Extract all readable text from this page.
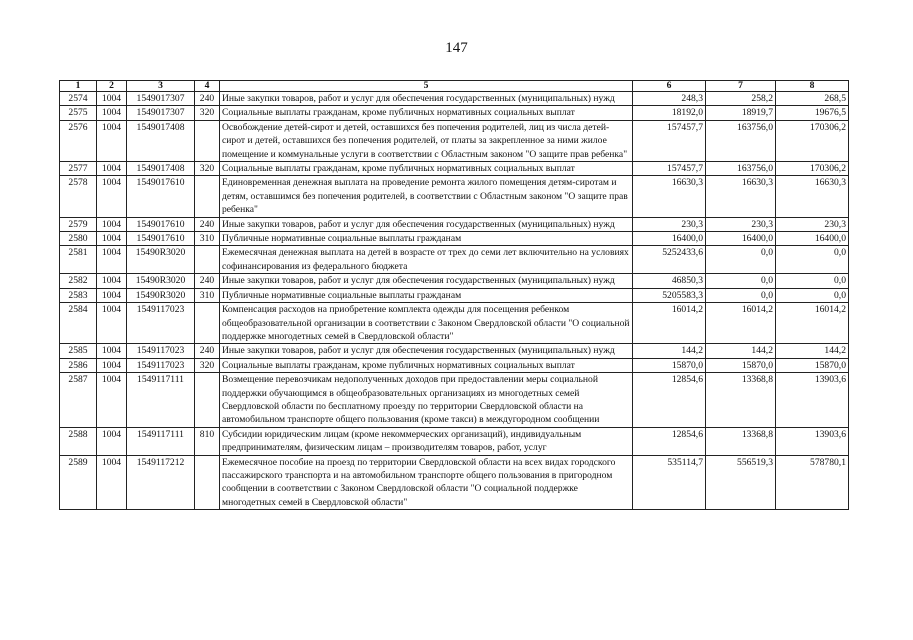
147
1	2	3	4	5	6	7	8
2574	1004	1549017307	240	Иные закупки товаров, работ и услуг для обеспечения государственных (муниципальных) нужд	248,3	258,2	268,5
2575	1004	1549017307	320	Социальные выплаты гражданам, кроме публичных нормативных социальных выплат	18192,0	18919,7	19676,5
2576	1004	1549017408		Освобождение детей-сирот и детей, оставшихся без попечения родителей, лиц из числа детей-сирот и детей, оставшихся без попечения родителей, от платы за закрепленное за ними жилое помещение и коммунальные услуги в соответствии с Областным законом "О защите прав ребенка"	157457,7	163756,0	170306,2
2577	1004	1549017408	320	Социальные выплаты гражданам, кроме публичных нормативных социальных выплат	157457,7	163756,0	170306,2
2578	1004	1549017610		Единовременная денежная выплата на проведение ремонта жилого помещения детям-сиротам и детям, оставшимся без попечения родителей, в соответствии с Областным законом "О защите прав ребенка"	16630,3	16630,3	16630,3
2579	1004	1549017610	240	Иные закупки товаров, работ и услуг для обеспечения государственных (муниципальных) нужд	230,3	230,3	230,3
2580	1004	1549017610	310	Публичные нормативные социальные выплаты гражданам	16400,0	16400,0	16400,0
2581	1004	15490R3020		Ежемесячная денежная выплата на детей в возрасте от трех до семи лет включительно на условиях софинансирования из федерального бюджета	5252433,6	0,0	0,0
2582	1004	15490R3020	240	Иные закупки товаров, работ и услуг для обеспечения государственных (муниципальных) нужд	46850,3	0,0	0,0
2583	1004	15490R3020	310	Публичные нормативные социальные выплаты гражданам	5205583,3	0,0	0,0
2584	1004	1549117023		Компенсация расходов на приобретение комплекта одежды для посещения ребенком общеобразовательной организации в соответствии с Законом Свердловской области "О социальной поддержке многодетных семей в Свердловской области"	16014,2	16014,2	16014,2
2585	1004	1549117023	240	Иные закупки товаров, работ и услуг для обеспечения государственных (муниципальных) нужд	144,2	144,2	144,2
2586	1004	1549117023	320	Социальные выплаты гражданам, кроме публичных нормативных социальных выплат	15870,0	15870,0	15870,0
2587	1004	1549117111		Возмещение перевозчикам недополученных доходов при предоставлении меры социальной поддержки обучающимся в общеобразовательных организациях из многодетных семей Свердловской области по бесплатному проезду по территории Свердловской области на автомобильном транспорте общего пользования (кроме такси) в междугородном сообщении	12854,6	13368,8	13903,6
2588	1004	1549117111	810	Субсидии юридическим лицам (кроме некоммерческих организаций), индивидуальным предпринимателям, физическим лицам – производителям товаров, работ, услуг	12854,6	13368,8	13903,6
2589	1004	1549117212		Ежемесячное пособие на проезд по территории Свердловской области на всех видах городского пассажирского транспорта и на автомобильном транспорте общего пользования в пригородном сообщении в соответствии с Законом Свердловской области "О социальной поддержке многодетных семей в Свердловской области"	535114,7	556519,3	578780,1
